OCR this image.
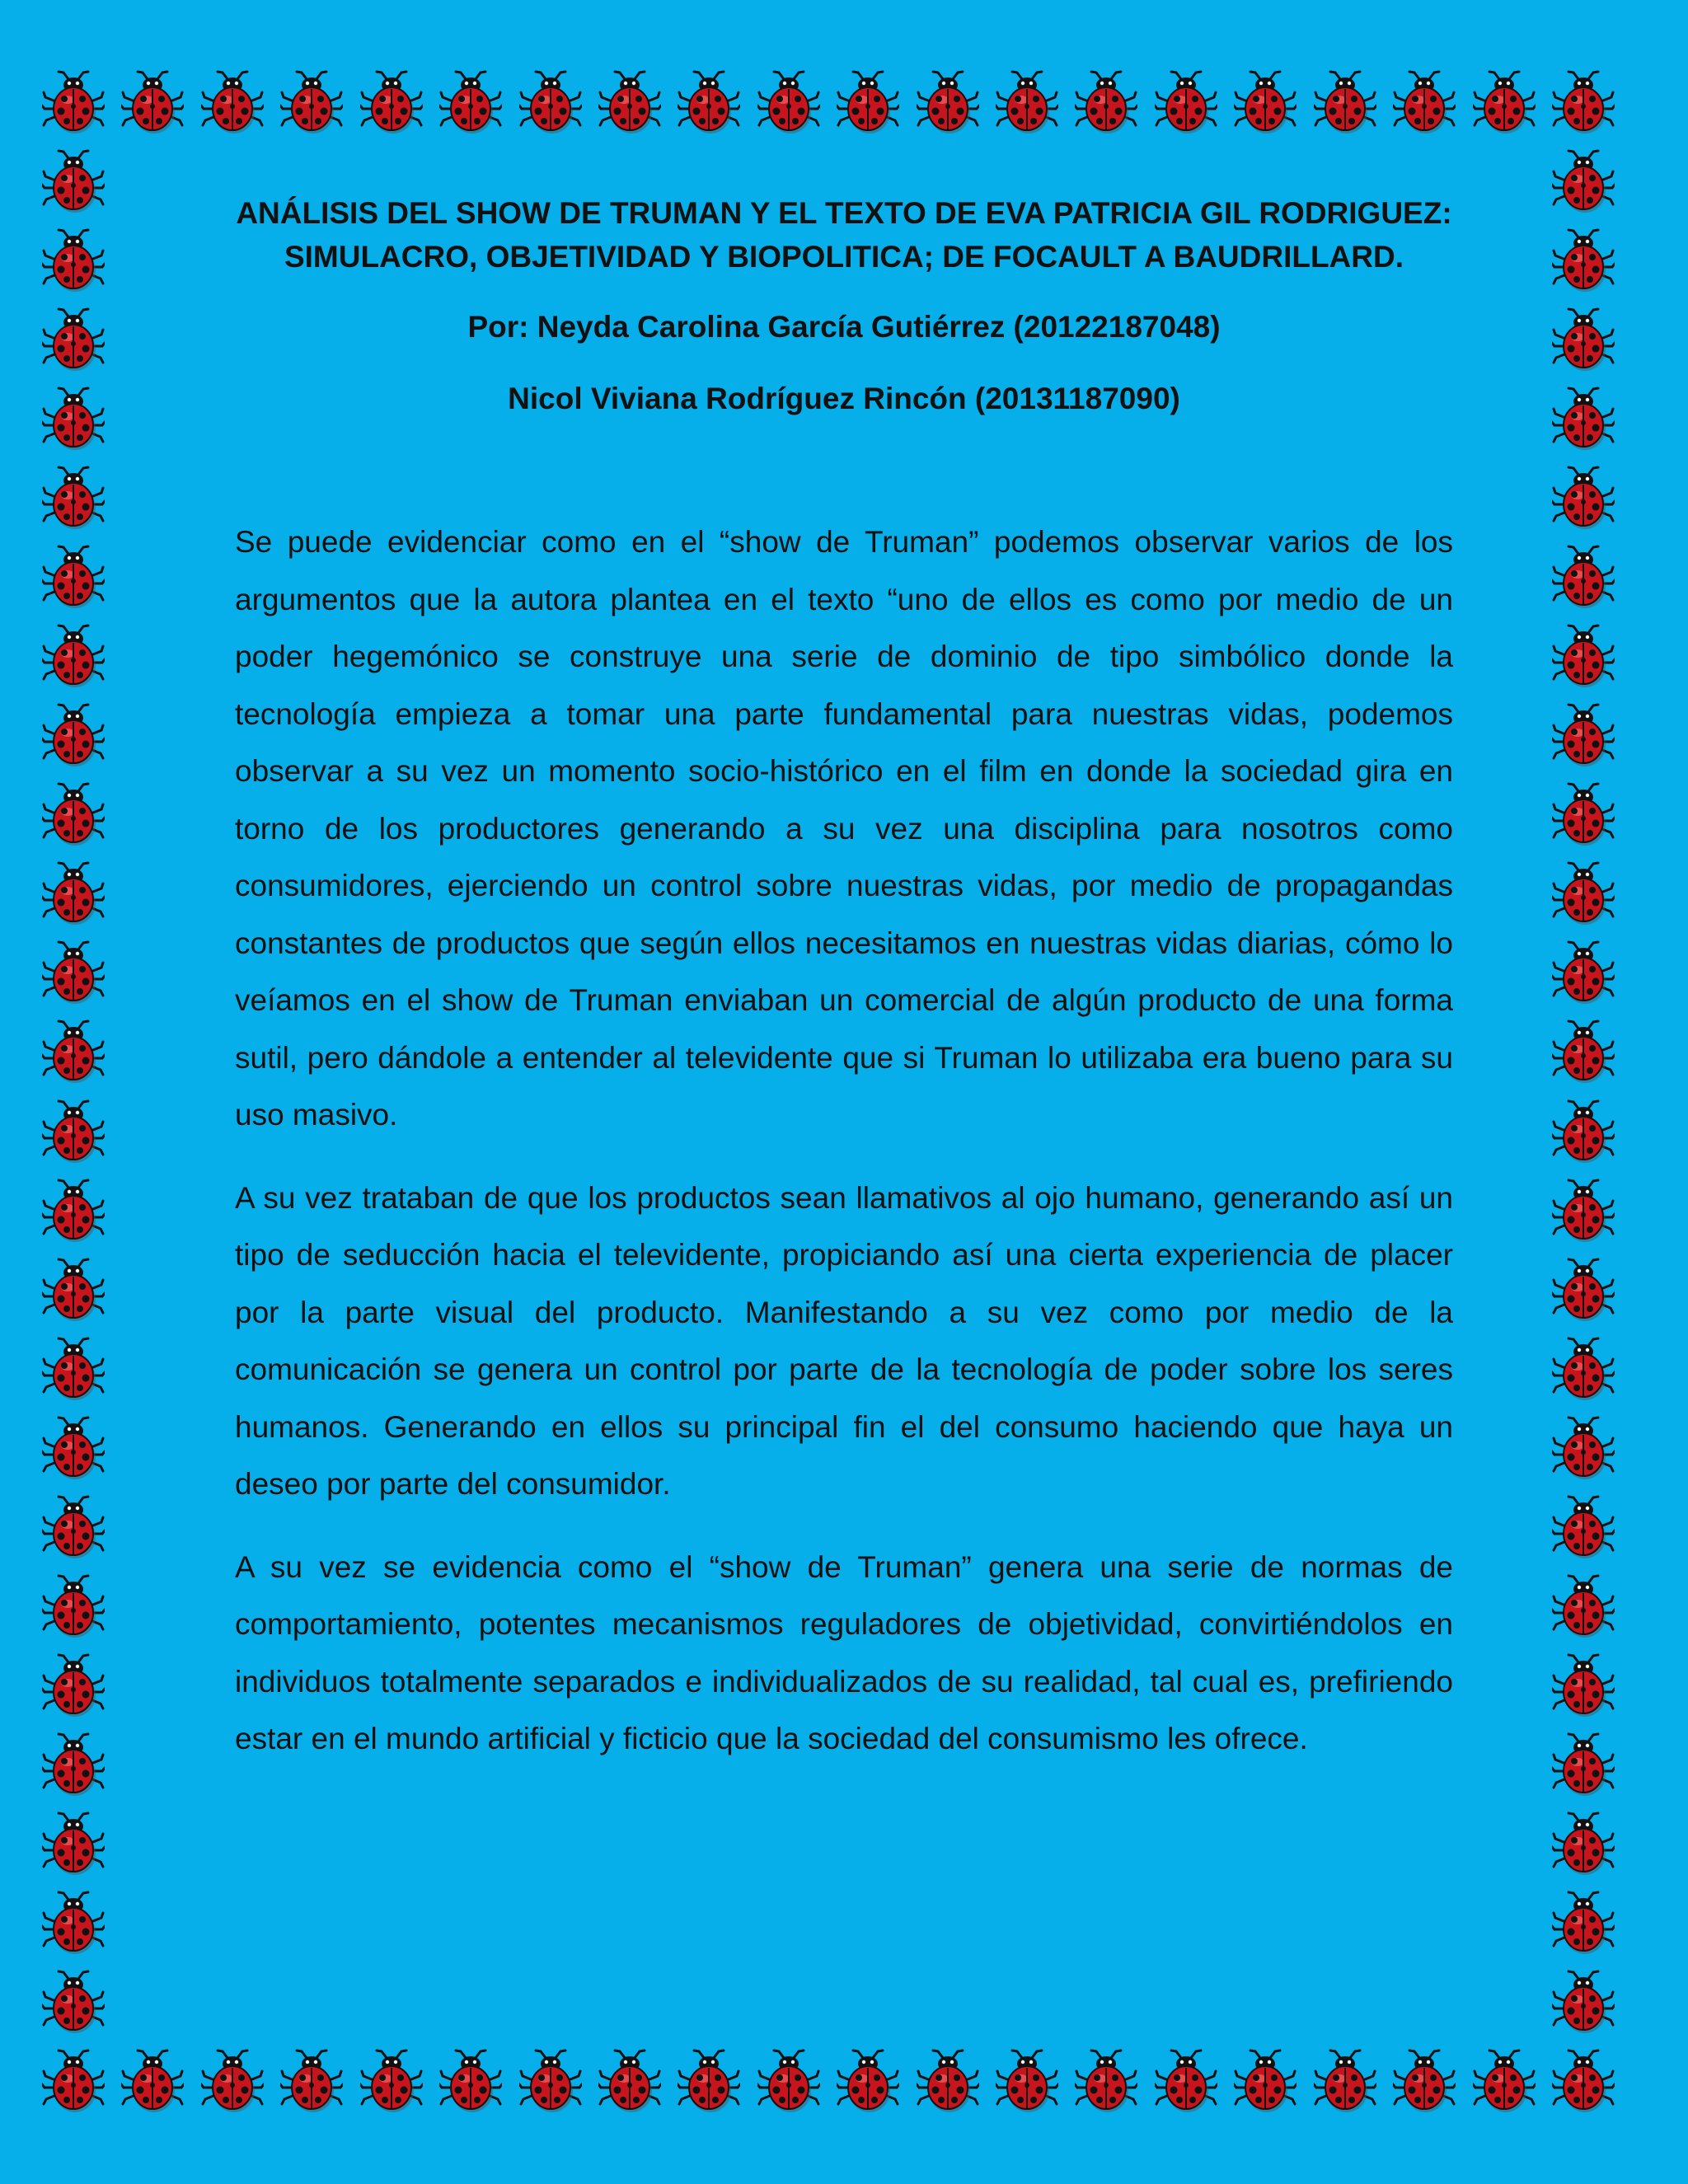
ANÁLISIS DEL SHOW DE TRUMAN Y EL TEXTO DE EVA PATRICIA GIL RODRIGUEZ: SIMULACRO, OBJETIVIDAD Y BIOPOLITICA; DE FOCAULT A BAUDRILLARD.
Por: Neyda Carolina García Gutiérrez (20122187048)
Nicol Viviana Rodríguez Rincón (20131187090)

Se puede evidenciar como en el “show de Truman” podemos observar varios de los argumentos que la autora plantea en el texto “uno de ellos es como por medio de un poder hegemónico se construye una serie de dominio de tipo simbólico donde la tecnología empieza a tomar una parte fundamental para nuestras vidas, podemos observar a su vez un momento socio-histórico en el film en donde la sociedad gira en torno de los productores generando a su vez una disciplina para nosotros como consumidores, ejerciendo un control sobre nuestras vidas, por medio de propagandas constantes de productos que según ellos necesitamos en nuestras vidas diarias, cómo lo veíamos en el show de Truman enviaban un comercial de algún producto de una forma sutil, pero dándole a entender al televidente que si Truman lo utilizaba era bueno para su uso masivo.

A su vez trataban de que los productos sean llamativos al ojo humano, generando así un tipo de seducción hacia el televidente, propiciando así una cierta experiencia de placer por la parte visual del producto. Manifestando a su vez como por medio de la comunicación se genera un control por parte de la tecnología de poder sobre los seres humanos. Generando en ellos su principal fin el del consumo haciendo que haya un deseo por parte del consumidor.

A su vez se evidencia como el “show de Truman” genera una serie de normas de comportamiento, potentes mecanismos reguladores de objetividad, convirtiéndolos en individuos totalmente separados e individualizados de su realidad, tal cual es, prefiriendo estar en el mundo artificial y ficticio que la sociedad del consumismo les ofrece.
